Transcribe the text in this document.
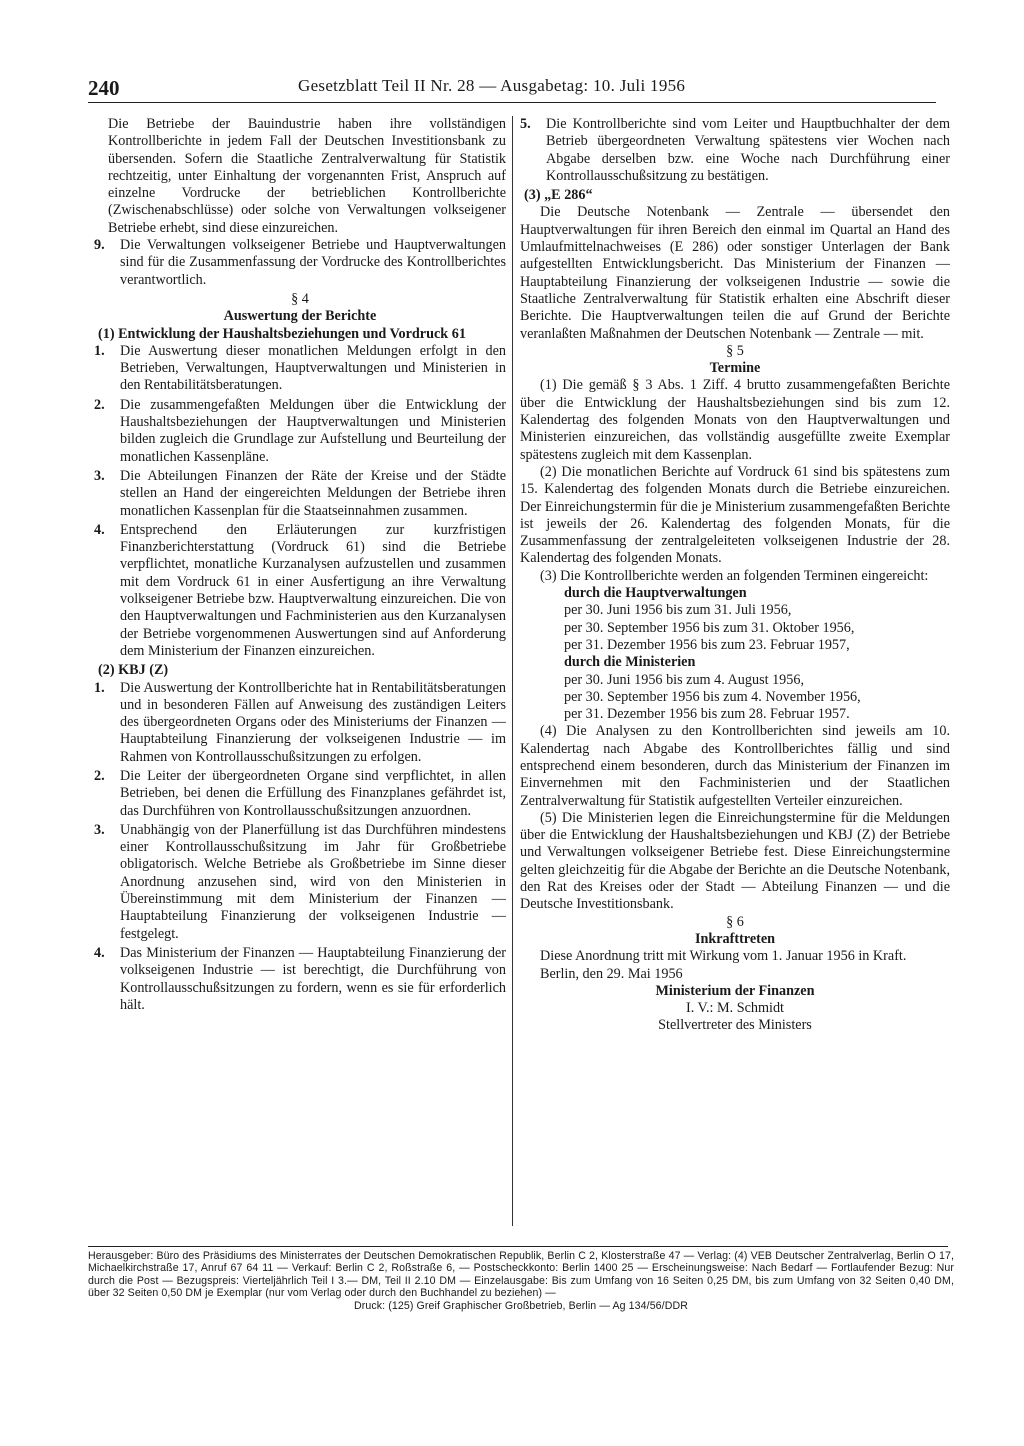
240	Gesetzblatt Teil II Nr. 28 — Ausgabetag: 10. Juli 1956

Die Betriebe der Bauindustrie haben ihre vollständigen Kontrollberichte in jedem Fall der Deutschen Investitionsbank zu übersenden. Sofern die Staatliche Zentralverwaltung für Statistik rechtzeitig, unter Einhaltung der vorgenannten Frist, Anspruch auf einzelne Vordrucke der betrieblichen Kontrollberichte (Zwischenabschlüsse) oder solche von Verwaltungen volkseigener Betriebe erhebt, sind diese einzureichen.

9. Die Verwaltungen volkseigener Betriebe und Hauptverwaltungen sind für die Zusammenfassung der Vordrucke des Kontrollberichtes verantwortlich.

§ 4

Auswertung der Berichte

(1) Entwicklung der Haushaltsbeziehungen und Vordruck 61

1. Die Auswertung dieser monatlichen Meldungen erfolgt in den Betrieben, Verwaltungen, Hauptverwaltungen und Ministerien in den Rentabilitätsberatungen.
2. Die zusammengefaßten Meldungen über die Entwicklung der Haushaltsbeziehungen der Hauptverwaltungen und Ministerien bilden zugleich die Grundlage zur Aufstellung und Beurteilung der monatlichen Kassenpläne.
3. Die Abteilungen Finanzen der Räte der Kreise und der Städte stellen an Hand der eingereichten Meldungen der Betriebe ihren monatlichen Kassenplan für die Staatseinnahmen zusammen.
4. Entsprechend den Erläuterungen zur kurzfristigen Finanzberichterstattung (Vordruck 61) sind die Betriebe verpflichtet, monatliche Kurzanalysen aufzustellen und zusammen mit dem Vordruck 61 in einer Ausfertigung an ihre Verwaltung volkseigener Betriebe bzw. Hauptverwaltung einzureichen. Die von den Hauptverwaltungen und Fachministerien aus den Kurzanalysen der Betriebe vorgenommenen Auswertungen sind auf Anforderung dem Ministerium der Finanzen einzureichen.

(2) KBJ (Z)

1. Die Auswertung der Kontrollberichte hat in Rentabilitätsberatungen und in besonderen Fällen auf Anweisung des zuständigen Leiters des übergeordneten Organs oder des Ministeriums der Finanzen — Hauptabteilung Finanzierung der volkseigenen Industrie — im Rahmen von Kontrollausschußsitzungen zu erfolgen.
2. Die Leiter der übergeordneten Organe sind verpflichtet, in allen Betrieben, bei denen die Erfüllung des Finanzplanes gefährdet ist, das Durchführen von Kontrollausschußsitzungen anzuordnen.
3. Unabhängig von der Planerfüllung ist das Durchführen mindestens einer Kontrollausschußsitzung im Jahr für Großbetriebe obligatorisch. Welche Betriebe als Großbetriebe im Sinne dieser Anordnung anzusehen sind, wird von den Ministerien in Übereinstimmung mit dem Ministerium der Finanzen — Hauptabteilung Finanzierung der volkseigenen Industrie — festgelegt.
4. Das Ministerium der Finanzen — Hauptabteilung Finanzierung der volkseigenen Industrie — ist berechtigt, die Durchführung von Kontrollausschußsitzungen zu fordern, wenn es sie für erforderlich hält.
5. Die Kontrollberichte sind vom Leiter und Hauptbuchhalter der dem Betrieb übergeordneten Verwaltung spätestens vier Wochen nach Abgabe derselben bzw. eine Woche nach Durchführung einer Kontrollausschußsitzung zu bestätigen.

(3) „E 286“

Die Deutsche Notenbank — Zentrale — übersendet den Hauptverwaltungen für ihren Bereich den einmal im Quartal an Hand des Umlaufmittelnachweises (E 286) oder sonstiger Unterlagen der Bank aufgestellten Entwicklungsbericht. Das Ministerium der Finanzen — Hauptabteilung Finanzierung der volkseigenen Industrie — sowie die Staatliche Zentralverwaltung für Statistik erhalten eine Abschrift dieser Berichte. Die Hauptverwaltungen teilen die auf Grund der Berichte veranlaßten Maßnahmen der Deutschen Notenbank — Zentrale — mit.

§ 5

Termine

(1) Die gemäß § 3 Abs. 1 Ziff. 4 brutto zusammengefaßten Berichte über die Entwicklung der Haushaltsbeziehungen sind bis zum 12. Kalendertag des folgenden Monats von den Hauptverwaltungen und Ministerien einzureichen, das vollständig ausgefüllte zweite Exemplar spätestens zugleich mit dem Kassenplan.

(2) Die monatlichen Berichte auf Vordruck 61 sind bis spätestens zum 15. Kalendertag des folgenden Monats durch die Betriebe einzureichen. Der Einreichungstermin für die je Ministerium zusammengefaßten Berichte ist jeweils der 26. Kalendertag des folgenden Monats, für die Zusammenfassung der zentralgeleiteten volkseigenen Industrie der 28. Kalendertag des folgenden Monats.

(3) Die Kontrollberichte werden an folgenden Terminen eingereicht:

durch die Hauptverwaltungen

per 30. Juni 1956 bis zum 31. Juli 1956,

per 30. September 1956 bis zum 31. Oktober 1956,

per 31. Dezember 1956 bis zum 23. Februar 1957,

durch die Ministerien

per 30. Juni 1956 bis zum 4. August 1956,

per 30. September 1956 bis zum 4. November 1956,

per 31. Dezember 1956 bis zum 28. Februar 1957.

(4) Die Analysen zu den Kontrollberichten sind jeweils am 10. Kalendertag nach Abgabe des Kontrollberichtes fällig und sind entsprechend einem besonderen, durch das Ministerium der Finanzen im Einvernehmen mit den Fachministerien und der Staatlichen Zentralverwaltung für Statistik aufgestellten Verteiler einzureichen.

(5) Die Ministerien legen die Einreichungstermine für die Meldungen über die Entwicklung der Haushaltsbeziehungen und KBJ (Z) der Betriebe und Verwaltungen volkseigener Betriebe fest. Diese Einreichungstermine gelten gleichzeitig für die Abgabe der Berichte an die Deutsche Notenbank, den Rat des Kreises oder der Stadt — Abteilung Finanzen — und die Deutsche Investitionsbank.

§ 6

Inkrafttreten

Diese Anordnung tritt mit Wirkung vom 1. Januar 1956 in Kraft.

Berlin, den 29. Mai 1956

Ministerium der Finanzen

I. V.: M. Schmidt

Stellvertreter des Ministers

Herausgeber: Büro des Präsidiums des Ministerrates der Deutschen Demokratischen Republik, Berlin C 2, Klosterstraße 47 — Verlag: (4) VEB Deutscher Zentralverlag, Berlin O 17, Michaelkirchstraße 17, Anruf 67 64 11 — Verkauf: Berlin C 2, Roßstraße 6, — Postscheckkonto: Berlin 1400 25 — Erscheinungsweise: Nach Bedarf — Fortlaufender Bezug: Nur durch die Post — Bezugspreis: Vierteljährlich Teil I 3.— DM, Teil II 2.10 DM — Einzelausgabe: Bis zum Umfang von 16 Seiten 0,25 DM, bis zum Umfang von 32 Seiten 0,40 DM, über 32 Seiten 0,50 DM je Exemplar (nur vom Verlag oder durch den Buchhandel zu beziehen) —

Druck: (125) Greif Graphischer Großbetrieb, Berlin — Ag 134/56/DDR
